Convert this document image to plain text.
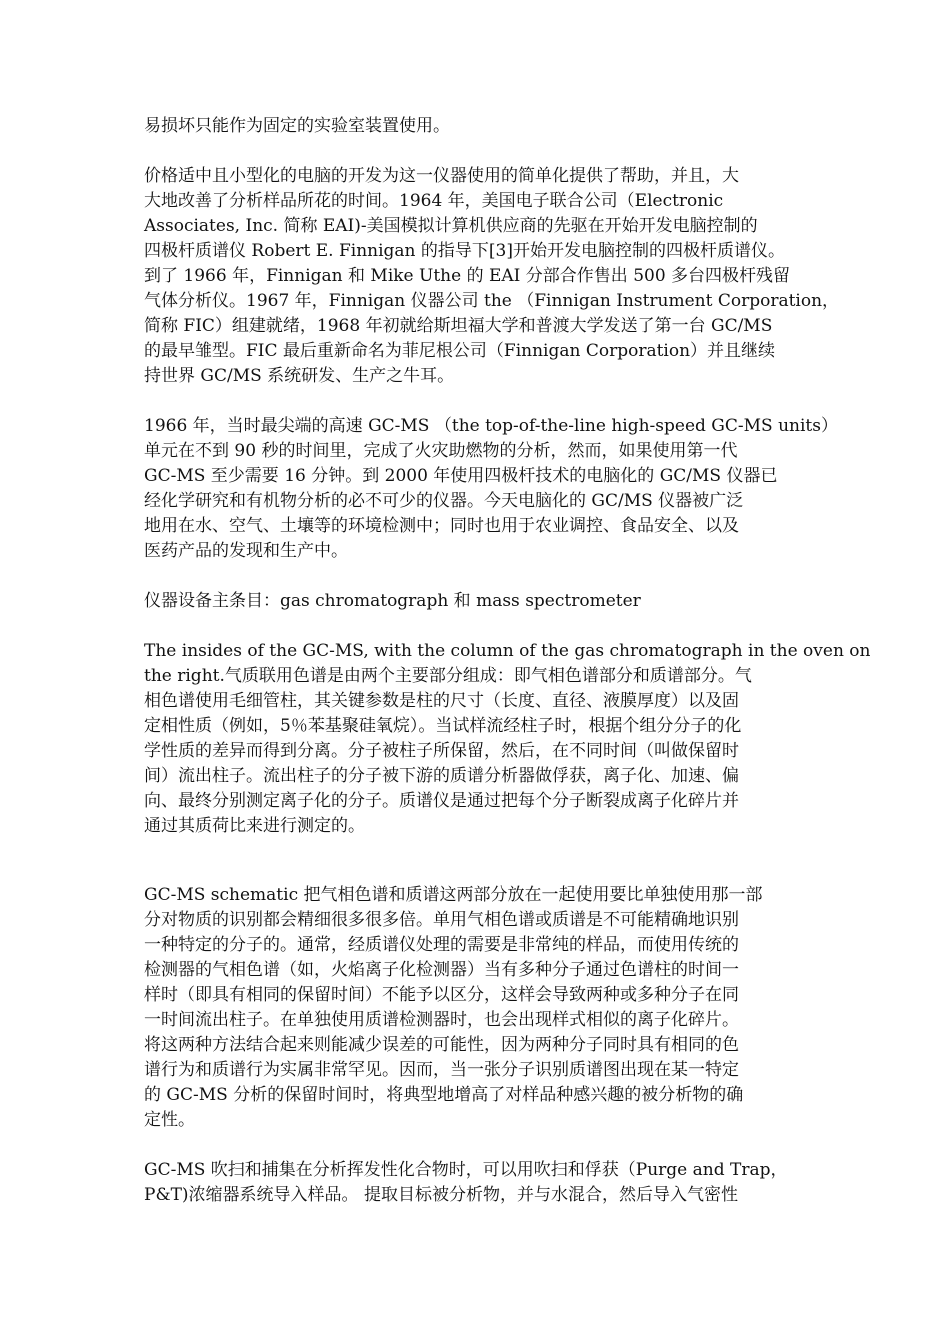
易损坏只能作为固定的实验室装置使用。

价格适中且小型化的电脑的开发为这一仪器使用的简单化提供了帮助，并且，大

大地改善了分析样品所花的时间。1964 年，美国电子联合公司（Electronic

Associates, Inc. 简称 EAI)-美国模拟计算机供应商的先驱在开始开发电脑控制的

四极杆质谱仪 Robert E. Finnigan 的指导下[3]开始开发电脑控制的四极杆质谱仪。

到了 1966 年，Finnigan 和 Mike Uthe 的 EAI 分部合作售出 500 多台四极杆残留

气体分析仪。1967 年，Finnigan 仪器公司 the （Finnigan Instrument Corporation，

简称 FIC）组建就绪，1968 年初就给斯坦福大学和普渡大学发送了第一台 GC/MS

的最早雏型。FIC 最后重新命名为菲尼根公司（Finnigan Corporation）并且继续

持世界 GC/MS 系统研发、生产之牛耳。

1966 年，当时最尖端的高速 GC-MS （the top-of-the-line high-speed GC-MS units）

单元在不到 90 秒的时间里，完成了火灾助燃物的分析，然而，如果使用第一代

GC-MS 至少需要 16 分钟。到 2000 年使用四极杆技术的电脑化的 GC/MS 仪器已

经化学研究和有机物分析的必不可少的仪器。今天电脑化的 GC/MS 仪器被广泛

地用在水、空气、土壤等的环境检测中；同时也用于农业调控、食品安全、以及

医药产品的发现和生产中。

仪器设备主条目：gas chromatograph 和 mass spectrometer

The insides of the GC-MS, with the column of the gas chromatograph in the oven on

the right.气质联用色谱是由两个主要部分组成：即气相色谱部分和质谱部分。气

相色谱使用毛细管柱，其关键参数是柱的尺寸（长度、直径、液膜厚度）以及固

定相性质（例如，5％苯基聚硅氧烷）。当试样流经柱子时，根据个组分分子的化

学性质的差异而得到分离。分子被柱子所保留，然后，在不同时间（叫做保留时

间）流出柱子。流出柱子的分子被下游的质谱分析器做俘获，离子化、加速、偏

向、最终分别测定离子化的分子。质谱仪是通过把每个分子断裂成离子化碎片并

通过其质荷比来进行测定的。

GC-MS schematic 把气相色谱和质谱这两部分放在一起使用要比单独使用那一部

分对物质的识别都会精细很多很多倍。单用气相色谱或质谱是不可能精确地识别

一种特定的分子的。通常，经质谱仪处理的需要是非常纯的样品，而使用传统的

检测器的气相色谱（如，火焰离子化检测器）当有多种分子通过色谱柱的时间一

样时（即具有相同的保留时间）不能予以区分，这样会导致两种或多种分子在同

一时间流出柱子。在单独使用质谱检测器时，也会出现样式相似的离子化碎片。

将这两种方法结合起来则能减少误差的可能性，因为两种分子同时具有相同的色

谱行为和质谱行为实属非常罕见。因而，当一张分子识别质谱图出现在某一特定

的 GC-MS 分析的保留时间时，将典型地增高了对样品种感兴趣的被分析物的确

定性。

GC-MS 吹扫和捕集在分析挥发性化合物时，可以用吹扫和俘获（Purge and Trap，

P&T)浓缩器系统导入样品。 提取目标被分析物，并与水混合，然后导入气密性
